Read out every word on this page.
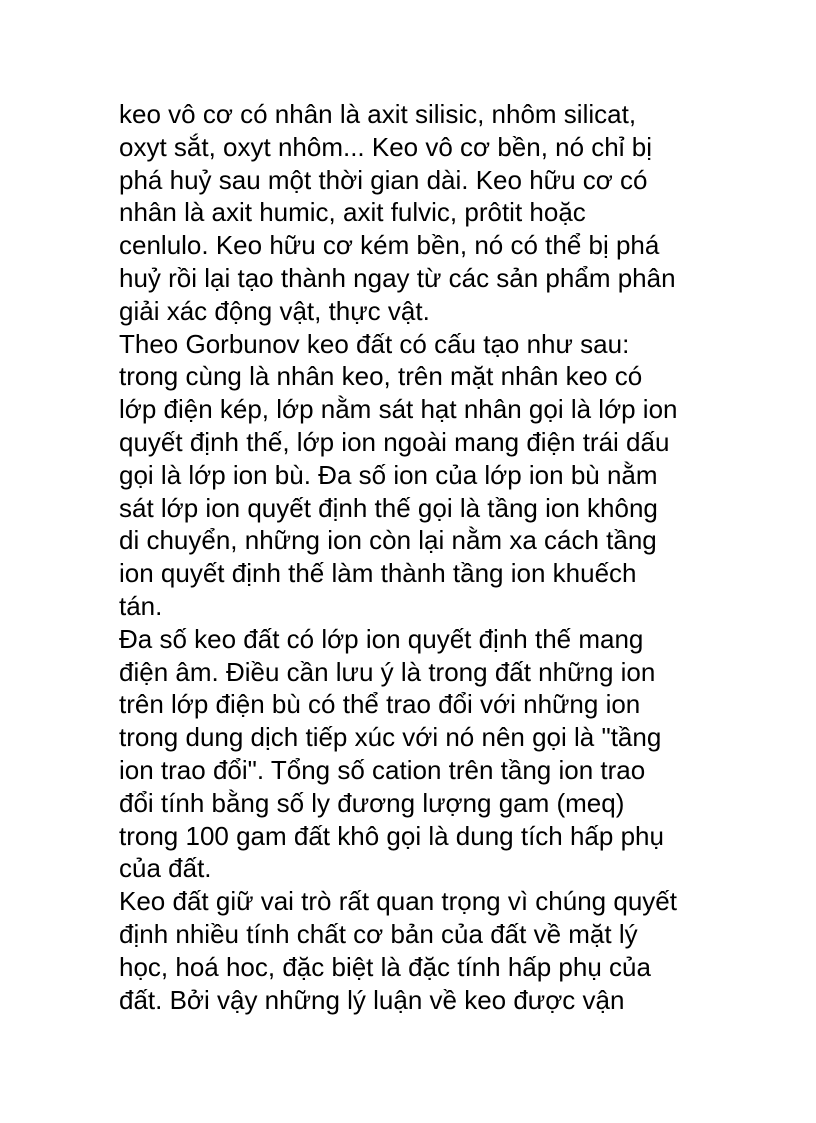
keo vô cơ có nhân là axit silisic, nhôm silicat,
oxyt sắt, oxyt nhôm... Keo vô cơ bền, nó chỉ bị
phá huỷ sau một thời gian dài. Keo hữu cơ có
nhân là axit humic, axit fulvic, prôtit hoặc
cenlulo. Keo hữu cơ kém bền, nó có thể bị phá
huỷ rồi lại tạo thành ngay từ các sản phẩm phân
giải xác động vật, thực vật.
Theo Gorbunov keo đất có cấu tạo như sau:
trong cùng là nhân keo, trên mặt nhân keo có
lớp điện kép, lớp nằm sát hạt nhân gọi là lớp ion
quyết định thế, lớp ion ngoài mang điện trái dấu
gọi là lớp ion bù. Đa số ion của lớp ion bù nằm
sát lớp ion quyết định thế gọi là tầng ion không
di chuyển, những ion còn lại nằm xa cách tầng
ion quyết định thế làm thành tầng ion khuếch
tán.
Đa số keo đất có lớp ion quyết định thế mang
điện âm. Điều cần lưu ý là trong đất những ion
trên lớp điện bù có thể trao đổi với những ion
trong dung dịch tiếp xúc với nó nên gọi là "tầng
ion trao đổi". Tổng số cation trên tầng ion trao
đổi tính bằng số ly đương lượng gam (meq)
trong 100 gam đất khô gọi là dung tích hấp phụ
của đất.
Keo đất giữ vai trò rất quan trọng vì chúng quyết
định nhiều tính chất cơ bản của đất về mặt lý
học, hoá hoc, đặc biệt là đặc tính hấp phụ của
đất. Bởi vậy những lý luận về keo được vận
